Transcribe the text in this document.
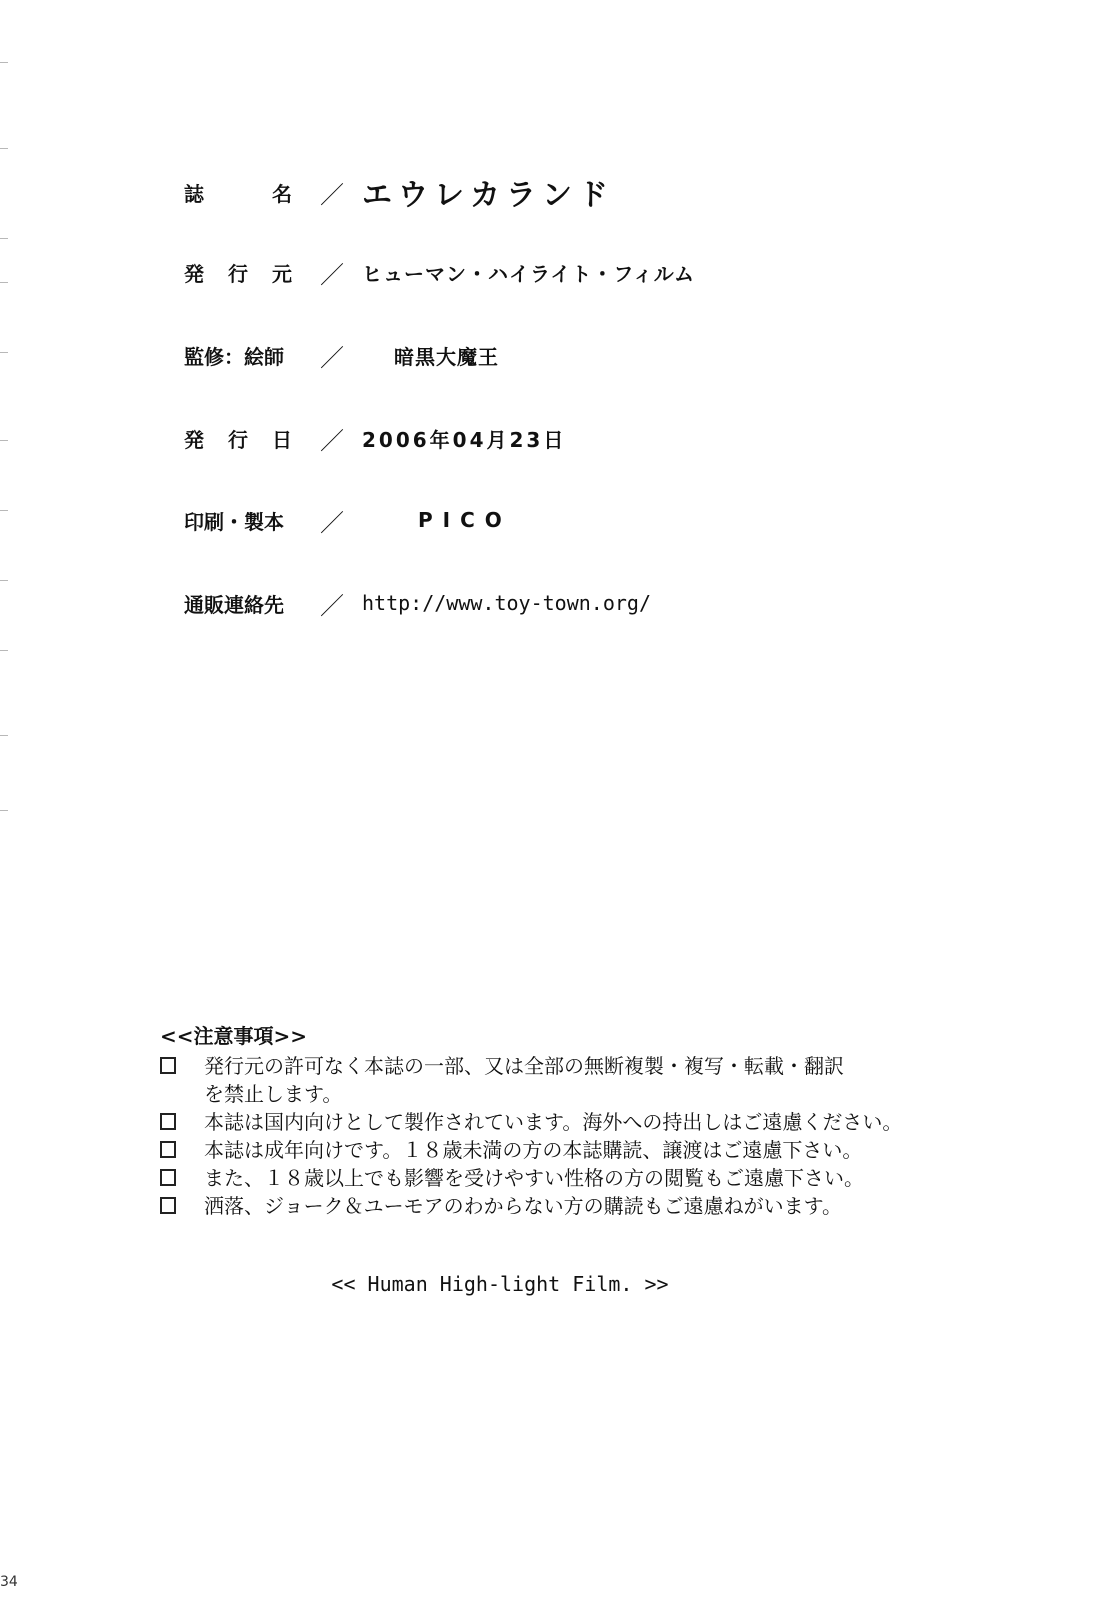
誌	名	／ エウレカランド
発 行 元	／ ヒューマン・ハイライト・フィルム
監修：絵師	／	暗黒大魔王
発 行 日	／ 2006年04月23日
印刷・製本	／	PICO
通販連絡先	／ http://www.toy-town.org/
<<注意事項>>
発行元の許可なく本誌の一部、又は全部の無断複製・複写・転載・翻訳
を禁止します。
本誌は国内向けとして製作されています。海外への持出しはご遠慮ください。
本誌は成年向けです。１８歳未満の方の本誌購読、譲渡はご遠慮下さい。
また、１８歳以上でも影響を受けやすい性格の方の閲覧もご遠慮下さい。
洒落、ジョーク＆ユーモアのわからない方の購読もご遠慮ねがいます。
<< Human High-light Film. >>
34
